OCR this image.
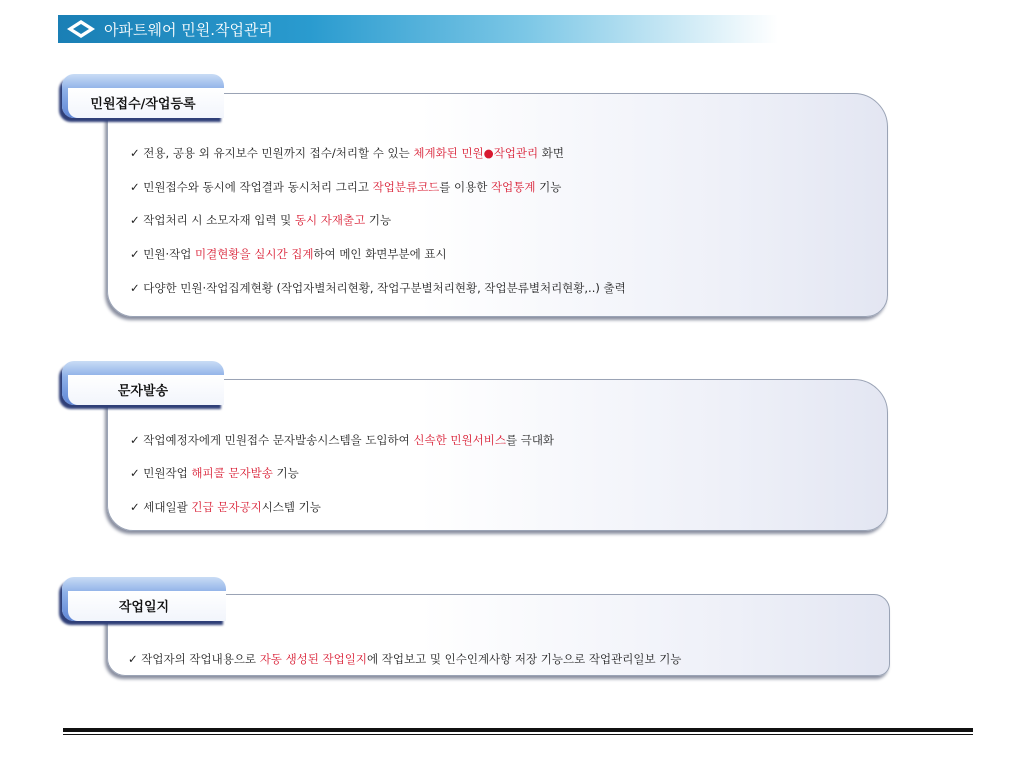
아파트웨어 민원.작업관리
민원접수/작업등록
✓ 전용, 공용 외 유지보수 민원까지 접수/처리할 수 있는 체계화된 민원●작업관리 화면
✓ 민원접수와 동시에 작업결과 동시처리 그리고 작업분류코드를 이용한 작업통계 기능
✓ 작업처리 시 소모자재 입력 및 동시 자재출고 기능
✓ 민원·작업 미결현황을 실시간 집계하여 메인 화면부분에 표시
✓ 다양한 민원·작업집계현황 (작업자별처리현황, 작업구분별처리현황, 작업분류별처리현황,..) 출력
문자발송
✓ 작업예정자에게 민원접수 문자발송시스템을 도입하여 신속한 민원서비스를 극대화
✓ 민원작업 해피콜 문자발송 기능
✓ 세대일괄 긴급 문자공지시스템 기능
작업일지
✓ 작업자의 작업내용으로 자동 생성된 작업일지에 작업보고 및 인수인계사항 저장 기능으로 작업관리일보 기능
